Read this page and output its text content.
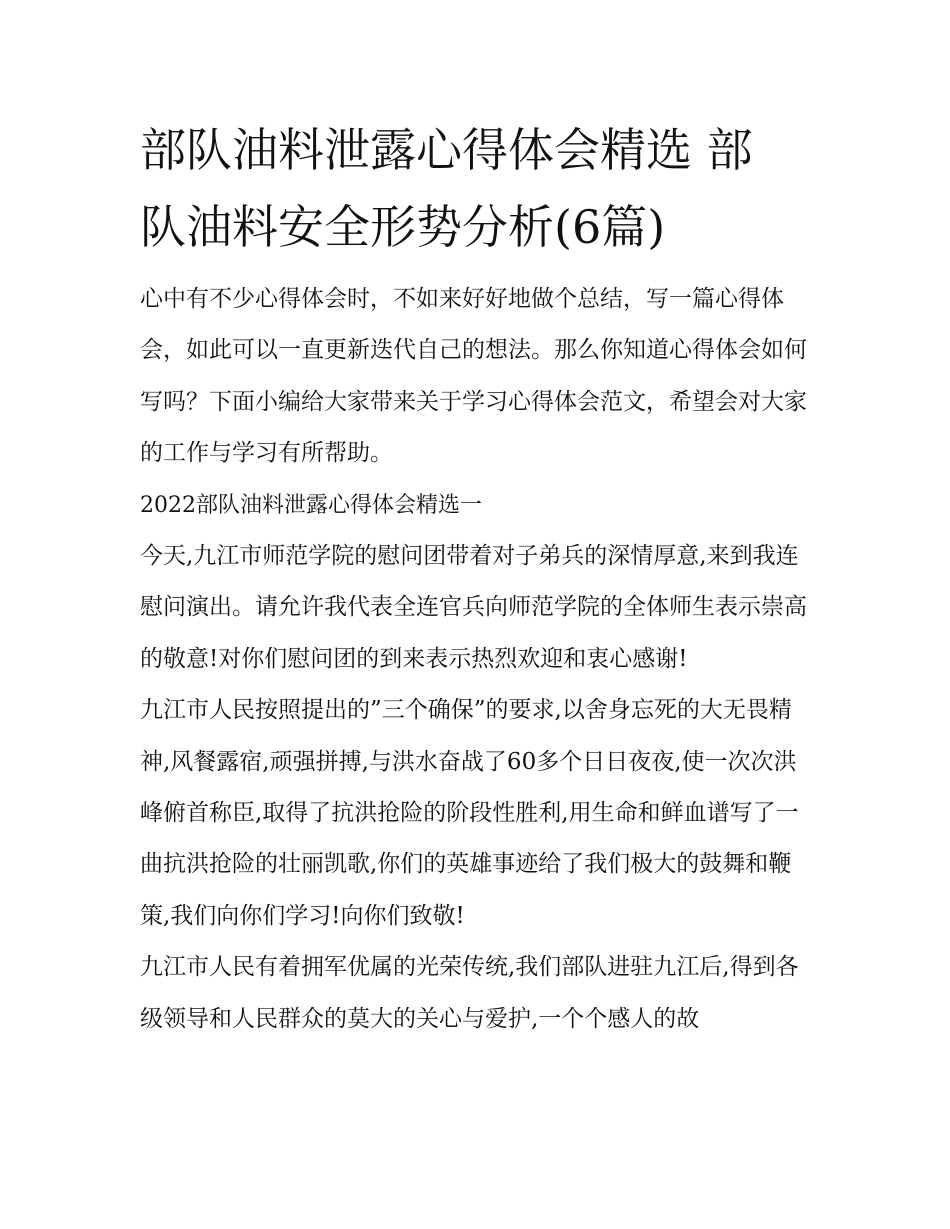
部队油料泄露心得体会精选 部
队油料安全形势分析(6篇)

心中有不少心得体会时，不如来好好地做个总结，写一篇心得体会，如此可以一直更新迭代自己的想法。那么你知道心得体会如何写吗？下面小编给大家带来关于学习心得体会范文，希望会对大家的工作与学习有所帮助。

2022部队油料泄露心得体会精选一

今天,九江市师范学院的慰问团带着对子弟兵的深情厚意,来到我连慰问演出。请允许我代表全连官兵向师范学院的全体师生表示崇高的敬意!对你们慰问团的到来表示热烈欢迎和衷心感谢!

九江市人民按照提出的”三个确保”的要求,以舍身忘死的大无畏精神,风餐露宿,顽强拼搏,与洪水奋战了60多个日日夜夜,使一次次洪峰俯首称臣,取得了抗洪抢险的阶段性胜利,用生命和鲜血谱写了一曲抗洪抢险的壮丽凯歌,你们的英雄事迹给了我们极大的鼓舞和鞭策,我们向你们学习!向你们致敬!

九江市人民有着拥军优属的光荣传统,我们部队进驻九江后,得到各级领导和人民群众的莫大的关心与爱护,一个个感人的故
